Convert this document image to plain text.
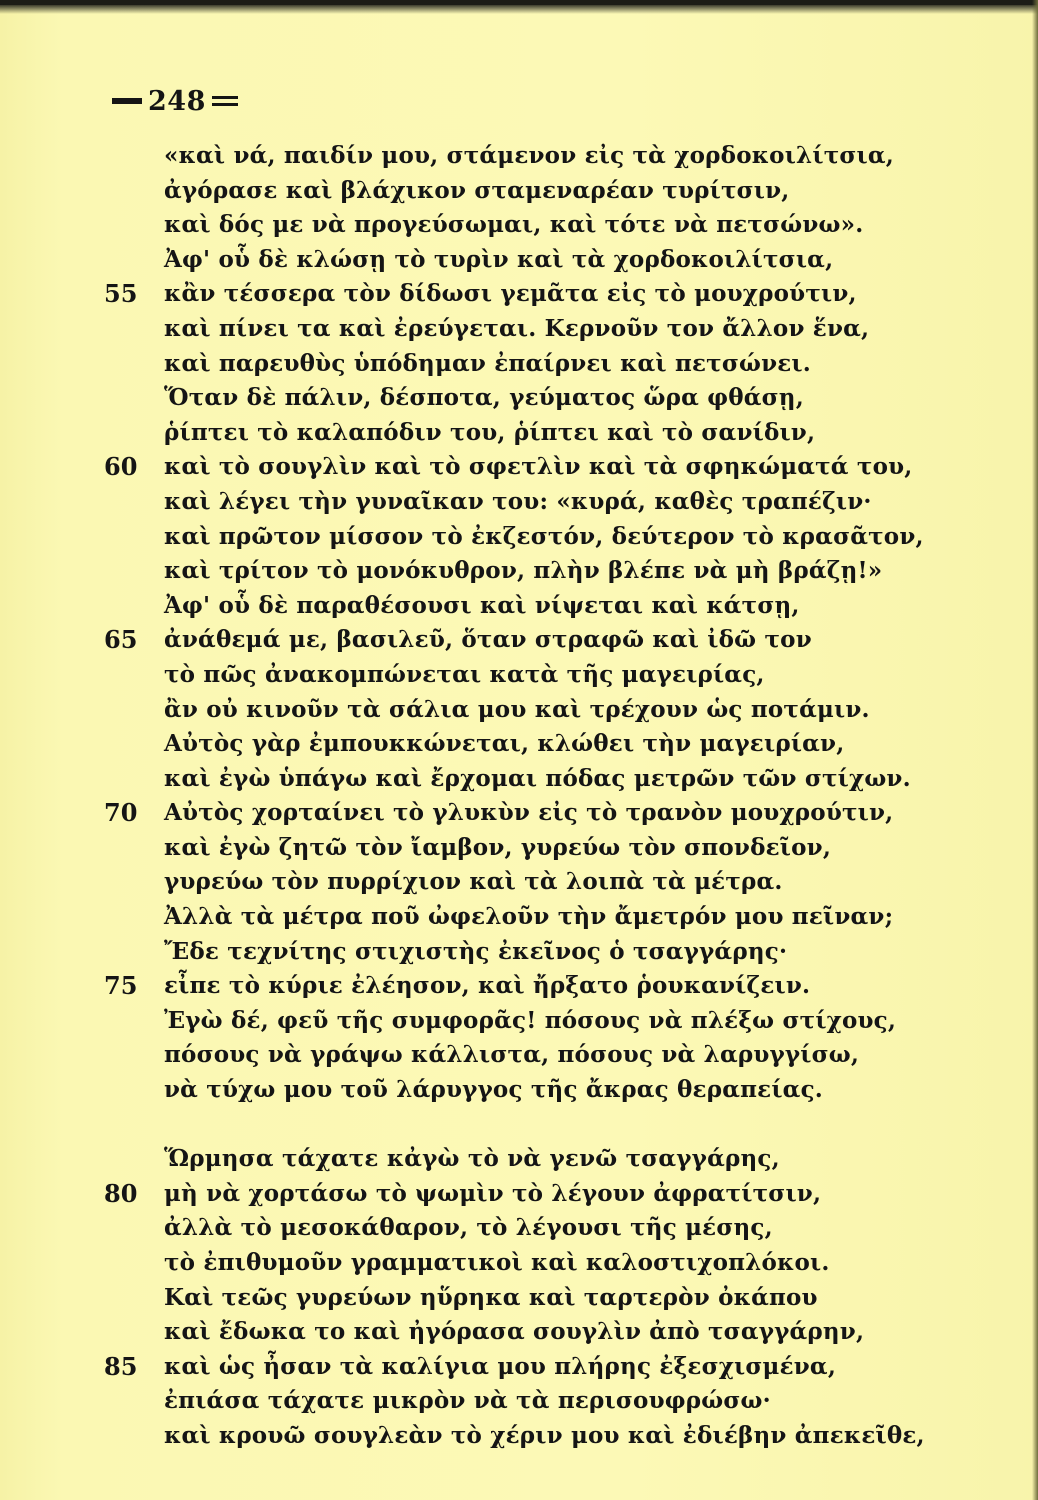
248
«καὶ νά, παιδίν μου, στάμενον εἰς τὰ χορδοκοιλίτσια,
ἀγόρασε καὶ βλάχικον σταμεναρέαν τυρίτσιν,
καὶ δός με νὰ προγεύσωμαι, καὶ τότε νὰ πετσώνω».
Ἀφ' οὗ δὲ κλώσῃ τὸ τυρὶν καὶ τὰ χορδοκοιλίτσια,
55 κἂν τέσσερα τὸν δίδωσι γεμᾶτα εἰς τὸ μουχρούτιν,
καὶ πίνει τα καὶ ἐρεύγεται. Κερνοῦν τον ἄλλον ἕνα,
καὶ παρευθὺς ὑπόδημαν ἐπαίρνει καὶ πετσώνει.
Ὅταν δὲ πάλιν, δέσποτα, γεύματος ὥρα φθάσῃ,
ῥίπτει τὸ καλαπόδιν του, ῥίπτει καὶ τὸ σανίδιν,
60 καὶ τὸ σουγλὶν καὶ τὸ σφετλὶν καὶ τὰ σφηκώματά του,
καὶ λέγει τὴν γυναῖκαν του: «κυρά, καθὲς τραπέζιν·
καὶ πρῶτον μίσσον τὸ ἐκζεστόν, δεύτερον τὸ κρασᾶτον,
καὶ τρίτον τὸ μονόκυθρον, πλὴν βλέπε νὰ μὴ βράζῃ!»
Ἀφ' οὗ δὲ παραθέσουσι καὶ νίψεται καὶ κάτσῃ,
65 ἀνάθεμά με, βασιλεῦ, ὅταν στραφῶ καὶ ἰδῶ τον
τὸ πῶς ἀνακομπώνεται κατὰ τῆς μαγειρίας,
ἂν οὐ κινοῦν τὰ σάλια μου καὶ τρέχουν ὡς ποτάμιν.
Αὐτὸς γὰρ ἐμπουκκώνεται, κλώθει τὴν μαγειρίαν,
καὶ ἐγὼ ὑπάγω καὶ ἔρχομαι πόδας μετρῶν τῶν στίχων.
70 Αὐτὸς χορταίνει τὸ γλυκὺν εἰς τὸ τρανὸν μουχρούτιν,
καὶ ἐγὼ ζητῶ τὸν ἴαμβον, γυρεύω τὸν σπονδεῖον,
γυρεύω τὸν πυρρίχιον καὶ τὰ λοιπὰ τὰ μέτρα.
Ἀλλὰ τὰ μέτρα ποῦ ὠφελοῦν τὴν ἄμετρόν μου πεῖναν;
Ἔδε τεχνίτης στιχιστὴς ἐκεῖνος ὁ τσαγγάρης·
75 εἶπε τὸ κύριε ἐλέησον, καὶ ἤρξατο ῥουκανίζειν.
Ἐγὼ δέ, φεῦ τῆς συμφορᾶς! πόσους νὰ πλέξω στίχους,
πόσους νὰ γράψω κάλλιστα, πόσους νὰ λαρυγγίσω,
νὰ τύχω μου τοῦ λάρυγγος τῆς ἄκρας θεραπείας.
Ὥρμησα τάχατε κἀγὼ τὸ νὰ γενῶ τσαγγάρης,
80 μὴ νὰ χορτάσω τὸ ψωμὶν τὸ λέγουν ἀφρατίτσιν,
ἀλλὰ τὸ μεσοκάθαρον, τὸ λέγουσι τῆς μέσης,
τὸ ἐπιθυμοῦν γραμματικοὶ καὶ καλοστιχοπλόκοι.
Καὶ τεῶς γυρεύων ηὕρηκα καὶ ταρτερὸν ὀκάπου
καὶ ἔδωκα το καὶ ἠγόρασα σουγλὶν ἀπὸ τσαγγάρην,
85 καὶ ὡς ἦσαν τὰ καλίγια μου πλήρης ἐξεσχισμένα,
ἐπιάσα τάχατε μικρὸν νὰ τὰ περισουφρώσω·
καὶ κρουῶ σουγλεὰν τὸ χέριν μου καὶ ἐδιέβην ἀπεκεῖθε,
